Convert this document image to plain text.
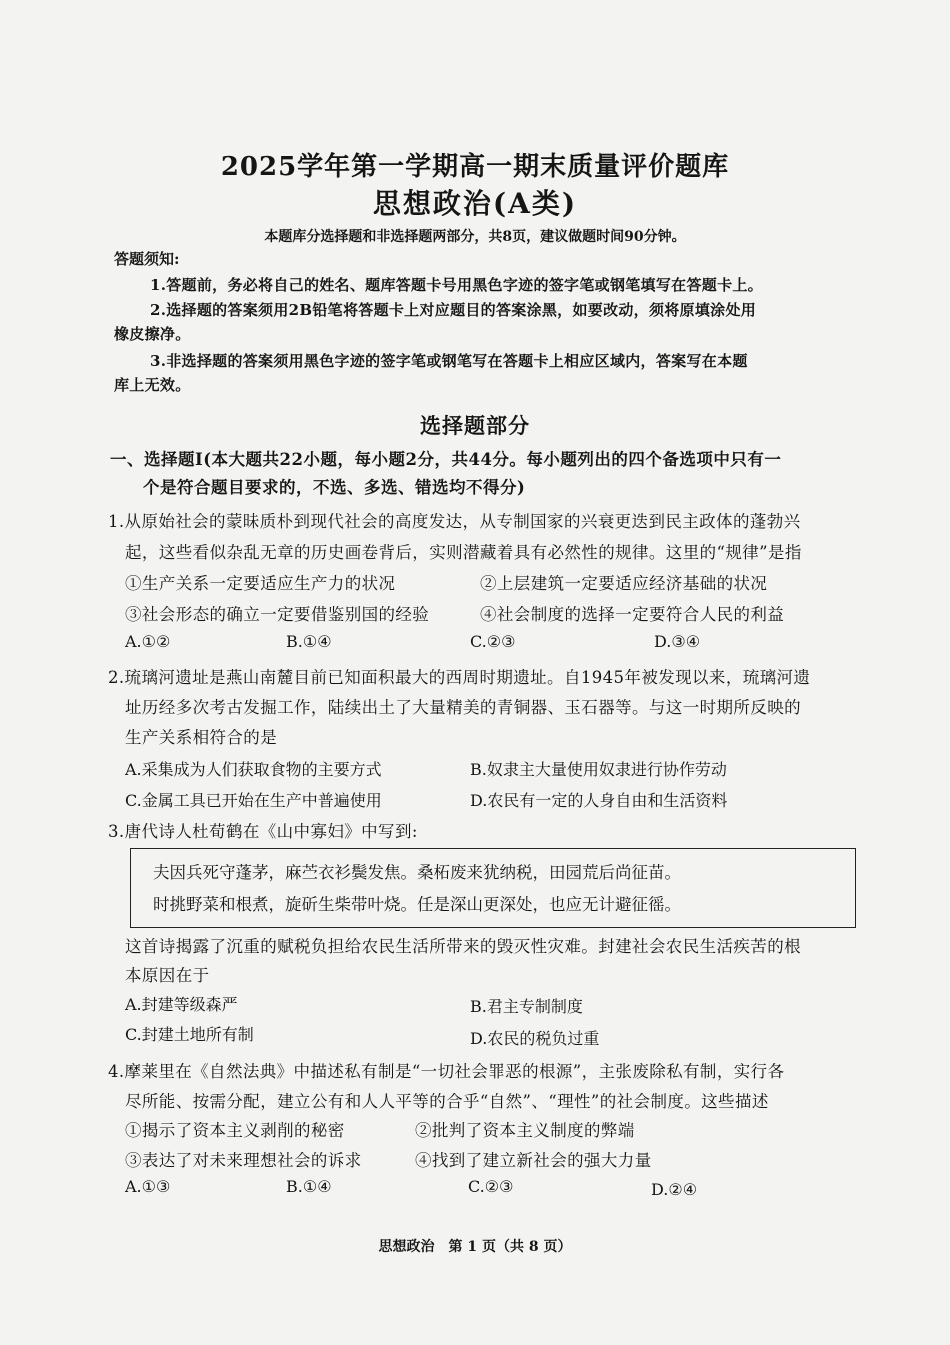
2025学年第一学期高一期末质量评价题库
思想政治(A类)
本题库分选择题和非选择题两部分，共8页，建议做题时间90分钟。
答题须知:
1.答题前，务必将自己的姓名、题库答题卡号用黑色字迹的签字笔或钢笔填写在答题卡上。
2.选择题的答案须用2B铅笔将答题卡上对应题目的答案涂黑，如要改动，须将原填涂处用
橡皮擦净。
3.非选择题的答案须用黑色字迹的签字笔或钢笔写在答题卡上相应区域内，答案写在本题
库上无效。
选择题部分
一、选择题Ⅰ(本大题共22小题，每小题2分，共44分。每小题列出的四个备选项中只有一
个是符合题目要求的，不选、多选、错选均不得分)
1.从原始社会的蒙昧质朴到现代社会的高度发达，从专制国家的兴衰更迭到民主政体的蓬勃兴
起，这些看似杂乱无章的历史画卷背后，实则潜藏着具有必然性的规律。这里的“规律”是指
①生产关系一定要适应生产力的状况	②上层建筑一定要适应经济基础的状况
③社会形态的确立一定要借鉴别国的经验	④社会制度的选择一定要符合人民的利益
A.①②	B.①④	C.②③	D.③④
2.琉璃河遗址是燕山南麓目前已知面积最大的西周时期遗址。自1945年被发现以来，琉璃河遗
址历经多次考古发掘工作，陆续出土了大量精美的青铜器、玉石器等。与这一时期所反映的
生产关系相符合的是
A.采集成为人们获取食物的主要方式	B.奴隶主大量使用奴隶进行协作劳动
C.金属工具已开始在生产中普遍使用	D.农民有一定的人身自由和生活资料
3.唐代诗人杜荀鹤在《山中寡妇》中写到:
夫因兵死守蓬茅，麻苎衣衫鬓发焦。桑柘废来犹纳税，田园荒后尚征苗。
时挑野菜和根煮，旋斫生柴带叶烧。任是深山更深处，也应无计避征徭。
这首诗揭露了沉重的赋税负担给农民生活所带来的毁灭性灾难。封建社会农民生活疾苦的根
本原因在于
A.封建等级森严	B.君主专制制度
C.封建土地所有制	D.农民的税负过重
4.摩莱里在《自然法典》中描述私有制是“一切社会罪恶的根源”，主张废除私有制，实行各
尽所能、按需分配，建立公有和人人平等的合乎“自然”、“理性”的社会制度。这些描述
①揭示了资本主义剥削的秘密	②批判了资本主义制度的弊端
③表达了对未来理想社会的诉求	④找到了建立新社会的强大力量
A.①③	B.①④	C.②③	D.②④
思想政治　第 1 页（共 8 页）
